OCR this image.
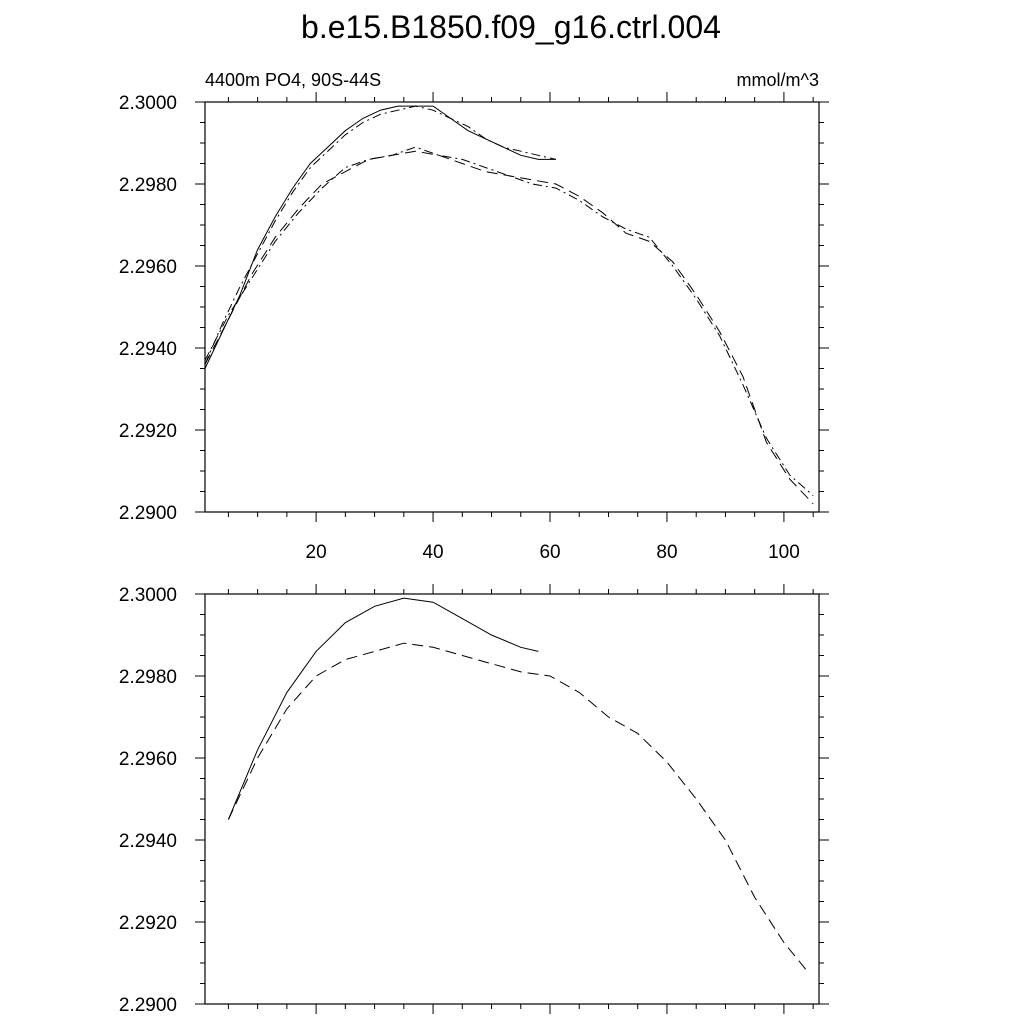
b.e15.B1850.f09_g16.ctrl.004
4400m PO4, 90S-44S	mmol/m^3
2.2900
2.2920
2.2940
2.2960
2.2980
2.3000
20	40	60	80	100
2.2900
2.2920
2.2940
2.2960
2.2980
2.3000
